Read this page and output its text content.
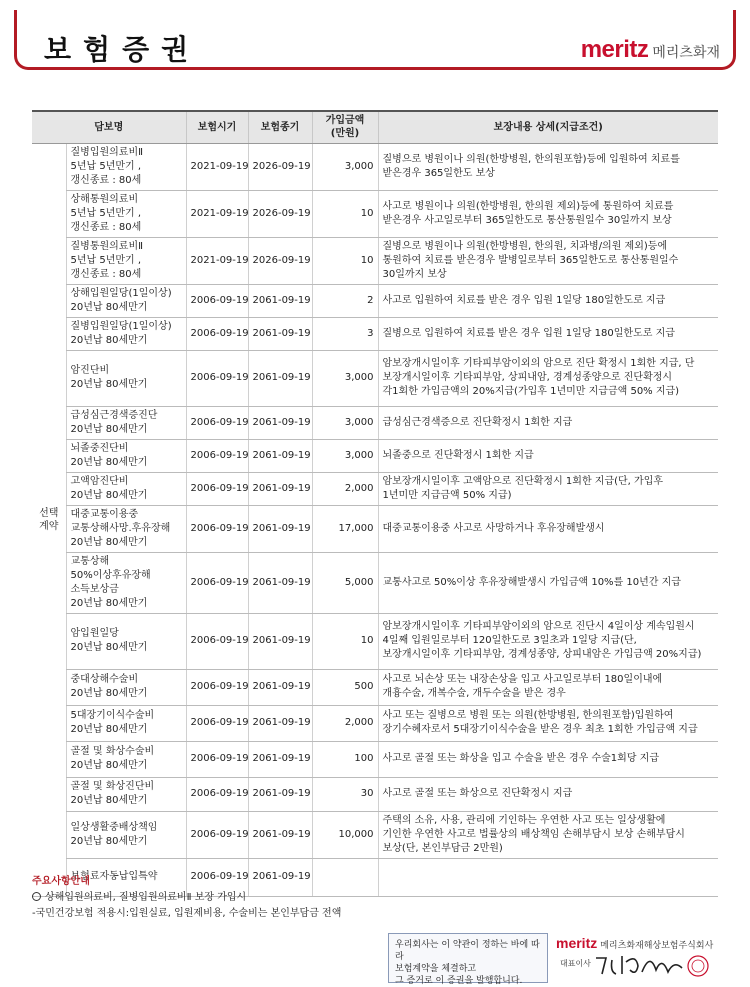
보험증권	meritz 메리츠화재
담보명		보험시기	보험종기	가입금액
(만원)	보장내용 상세(지급조건)
선택
계약	질병입원의료비Ⅱ
5년납 5년만기 ,
갱신종료 : 80세	2021-09-19	2026-09-19	3,000	질병으로 병원이나 의원(한방병원, 한의원포함)등에 입원하여 치료를
받은경우 365일한도 보상
	상해통원의료비
5년납 5년만기 ,
갱신종료 : 80세	2021-09-19	2026-09-19	10	사고로 병원이나 의원(한방병원, 한의원 제외)등에 통원하여 치료를
받은경우 사고일로부터 365일한도로 통산통원일수 30일까지 보상
	질병통원의료비Ⅱ
5년납 5년만기 ,
갱신종료 : 80세	2021-09-19	2026-09-19	10	질병으로 병원이나 의원(한방병원, 한의원, 치과병/의원 제외)등에
통원하여 치료를 받은경우 발병일로부터 365일한도로 통산통원일수
30일까지 보상
	상해입원일당(1일이상)
20년납 80세만기	2006-09-19	2061-09-19	2	사고로 입원하여 치료를 받은 경우 입원 1일당 180일한도로 지급
	질병입원일당(1일이상)
20년납 80세만기	2006-09-19	2061-09-19	3	질병으로 입원하여 치료를 받은 경우 입원 1일당 180일한도로 지급
	암진단비
20년납 80세만기	2006-09-19	2061-09-19	3,000	암보장개시일이후 기타피부암이외의 암으로 진단 확정시 1회한 지급, 단
보장개시일이후 기타피부암, 상피내암, 경계성종양으로 진단확정시
각1회한 가입금액의 20%지급(가입후 1년미만 지급금액 50% 지급)
	급성심근경색증진단
20년납 80세만기	2006-09-19	2061-09-19	3,000	급성심근경색증으로 진단확정시 1회한 지급
	뇌졸중진단비
20년납 80세만기	2006-09-19	2061-09-19	3,000	뇌졸중으로 진단확정시 1회한 지급
	고액암진단비
20년납 80세만기	2006-09-19	2061-09-19	2,000	암보장개시일이후 고액암으로 진단확정시 1회한 지급(단, 가입후
1년미만 지급금액 50% 지급)
	대중교통이용중
교통상해사망.후유장해
20년납 80세만기	2006-09-19	2061-09-19	17,000	대중교통이용중 사고로 사망하거나 후유장해발생시
	교통상해
50%이상후유장해
소득보상금
20년납 80세만기	2006-09-19	2061-09-19	5,000	교통사고로 50%이상 후유장해발생시 가입금액 10%를 10년간 지급
	암입원일당
20년납 80세만기	2006-09-19	2061-09-19	10	암보장개시일이후 기타피부암이외의 암으로 진단시 4일이상 계속입원시
4일째 입원일로부터 120일한도로 3일초과 1일당 지급(단,
보장개시일이후 기타피부암, 경계성종양, 상피내암은 가입금액 20%지급)
	중대상해수술비
20년납 80세만기	2006-09-19	2061-09-19	500	사고로 뇌손상 또는 내장손상을 입고 사고일로부터 180일이내에
개흉수술, 개복수술, 개두수술을 받은 경우
	5대장기이식수술비
20년납 80세만기	2006-09-19	2061-09-19	2,000	사고 또는 질병으로 병원 또는 의원(한방병원, 한의원포함)입원하여
장기수혜자로서 5대장기이식수술을 받은 경우 최초 1회한 가입금액 지급
	골절 및 화상수술비
20년납 80세만기	2006-09-19	2061-09-19	100	사고로 골절 또는 화상을 입고 수술을 받은 경우 수술1회당 지급
	골절 및 화상진단비
20년납 80세만기	2006-09-19	2061-09-19	30	사고로 골절 또는 화상으로 진단확정시 지급
	일상생활중배상책임
20년납 80세만기	2006-09-19	2061-09-19	10,000	주택의 소유, 사용, 관리에 기인하는 우연한 사고 또는 일상생활에
기인한 우연한 사고로 법률상의 배상책임 손해부담시 보상 손해부담시
보상(단, 본인부담금 2만원)
	보험료자동납입특약	2006-09-19	2061-09-19		
주요사항안내
상해입원의료비, 질병입원의료비Ⅱ 보장 가입시
-국민건강보험 적용시:입원실료, 입원제비용, 수술비는 본인부담금 전액
우리회사는 이 약관이 정하는 바에 따라
보험계약을 체결하고
그 증거로 이 증권을 발행합니다.
meritz 메리츠화재해상보험주식회사
대표이사
